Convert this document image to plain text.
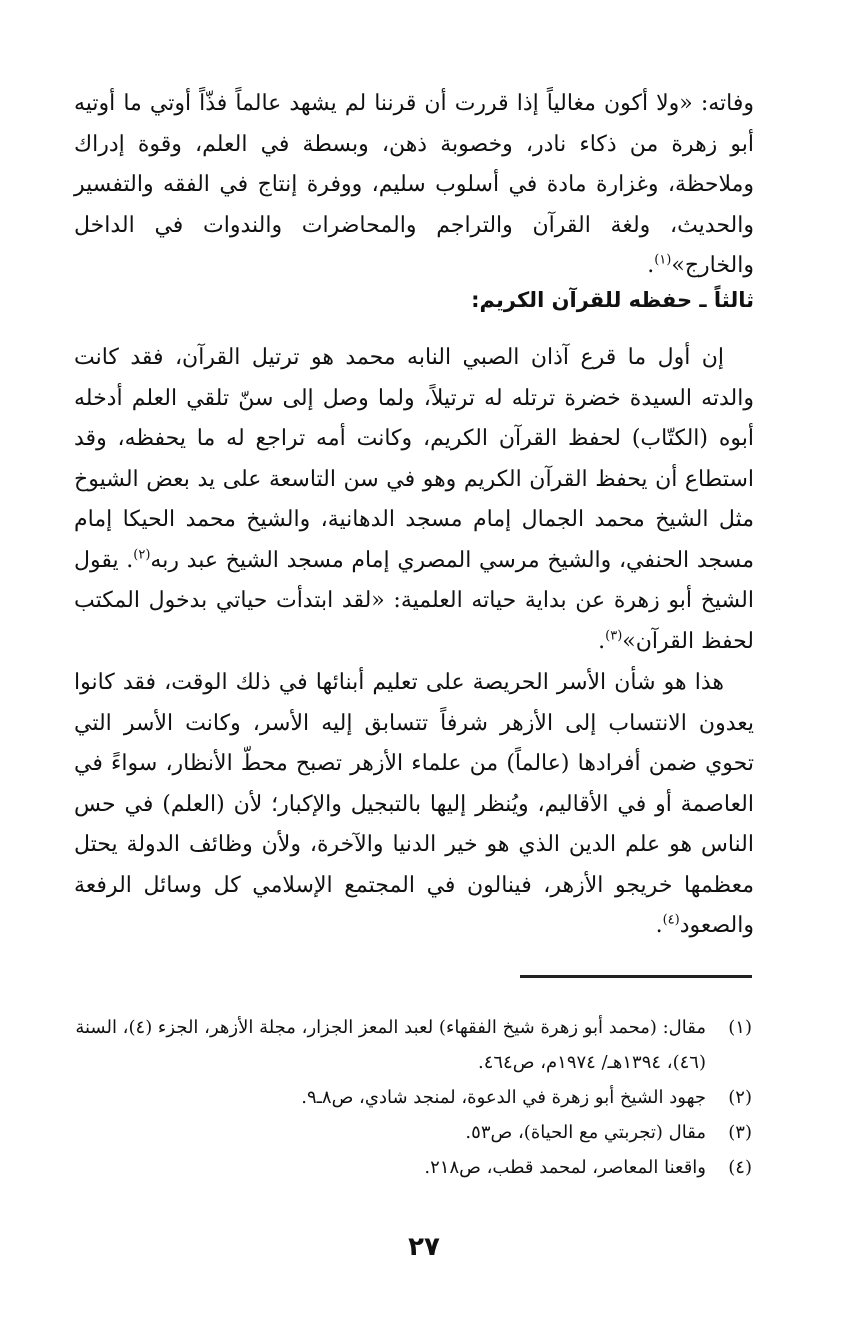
وفاته: «ولا أكون مغالياً إذا قررت أن قرننا لم يشهد عالماً فذّاً أوتي ما أوتيه أبو زهرة من ذكاء نادر، وخصوبة ذهن، وبسطة في العلم، وقوة إدراك وملاحظة، وغزارة مادة في أسلوب سليم، ووفرة إنتاج في الفقه والتفسير والحديث، ولغة القرآن والتراجم والمحاضرات والندوات في الداخل والخارج»$^{(١)}$.

ثالثاً ـ حفظه للقرآن الكريم:

إن أول ما قرع آذان الصبي النابه محمد هو ترتيل القرآن، فقد كانت والدته السيدة خضرة ترتله له ترتيلاً، ولما وصل إلى سنّ تلقي العلم أدخله أبوه (الكتّاب) لحفظ القرآن الكريم، وكانت أمه تراجع له ما يحفظه، وقد استطاع أن يحفظ القرآن الكريم وهو في سن التاسعة على يد بعض الشيوخ مثل الشيخ محمد الجمال إمام مسجد الدهانية، والشيخ محمد الحيكا إمام مسجد الحنفي، والشيخ مرسي المصري إمام مسجد الشيخ عبد ربه$^{(٢)}$. يقول الشيخ أبو زهرة عن بداية حياته العلمية: «لقد ابتدأت حياتي بدخول المكتب لحفظ القرآن»$^{(٣)}$.

هذا هو شأن الأسر الحريصة على تعليم أبنائها في ذلك الوقت، فقد كانوا يعدون الانتساب إلى الأزهر شرفاً تتسابق إليه الأسر، وكانت الأسر التي تحوي ضمن أفرادها (عالماً) من علماء الأزهر تصبح محطّ الأنظار، سواءً في العاصمة أو في الأقاليم، ويُنظر إليها بالتبجيل والإكبار؛ لأن (العلم) في حس الناس هو علم الدين الذي هو خير الدنيا والآخرة، ولأن وظائف الدولة يحتل معظمها خريجو الأزهر، فينالون في المجتمع الإسلامي كل وسائل الرفعة والصعود$^{(٤)}$.

(١)
مقال: (محمد أبو زهرة شيخ الفقهاء) لعبد المعز الجزار، مجلة الأزهر، الجزء (٤)، السنة (٤٦)، ١٣٩٤هـ/ ١٩٧٤م، ص٤٦٤.
(٢)
جهود الشيخ أبو زهرة في الدعوة، لمنجد شادي، ص٨ـ٩.
(٣)
مقال (تجربتي مع الحياة)، ص٥٣.
(٤)
واقعنا المعاصر، لمحمد قطب، ص٢١٨.
٢٧
